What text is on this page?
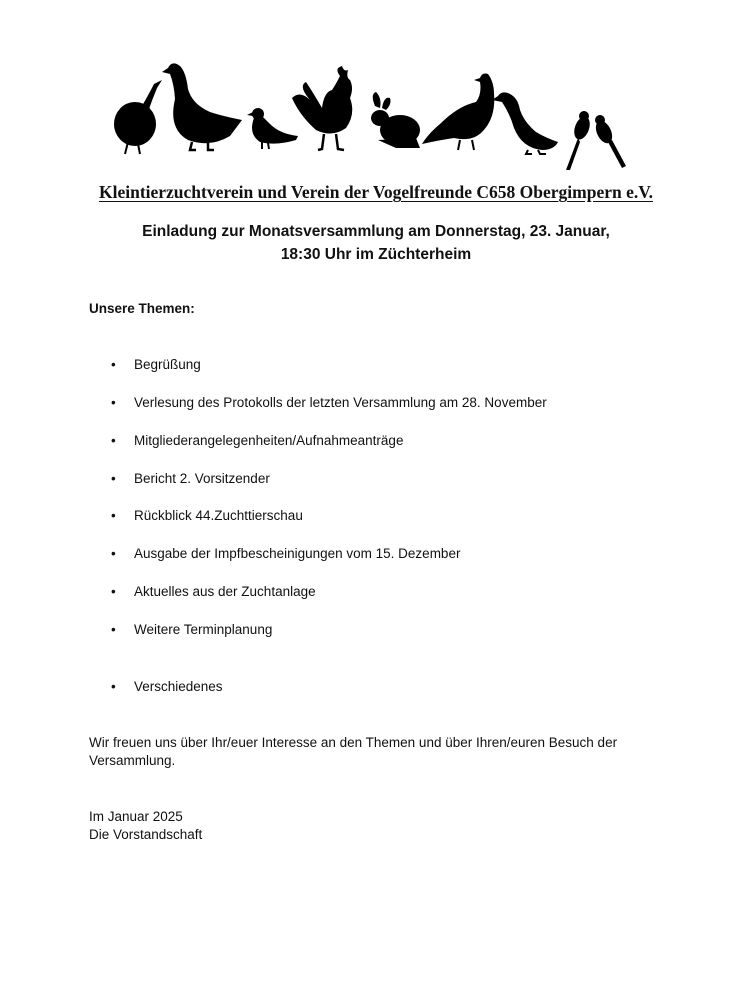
Kleintierzuchtverein und Verein der Vogelfreunde C658 Obergimpern e.V.
Einladung zur Monatsversammlung am Donnerstag, 23. Januar,
18:30 Uhr im Züchterheim
Unsere Themen:
• Begrüßung
• Verlesung des Protokolls der letzten Versammlung am 28. November
• Mitgliederangelegenheiten/Aufnahmeanträge
• Bericht 2. Vorsitzender
• Rückblick 44.Zuchttierschau
• Ausgabe der Impfbescheinigungen vom 15. Dezember
• Aktuelles aus der Zuchtanlage
• Weitere Terminplanung
• Verschiedenes
Wir freuen uns über Ihr/euer Interesse an den Themen und über Ihren/euren Besuch der Versammlung.
Im Januar 2025
Die Vorstandschaft
